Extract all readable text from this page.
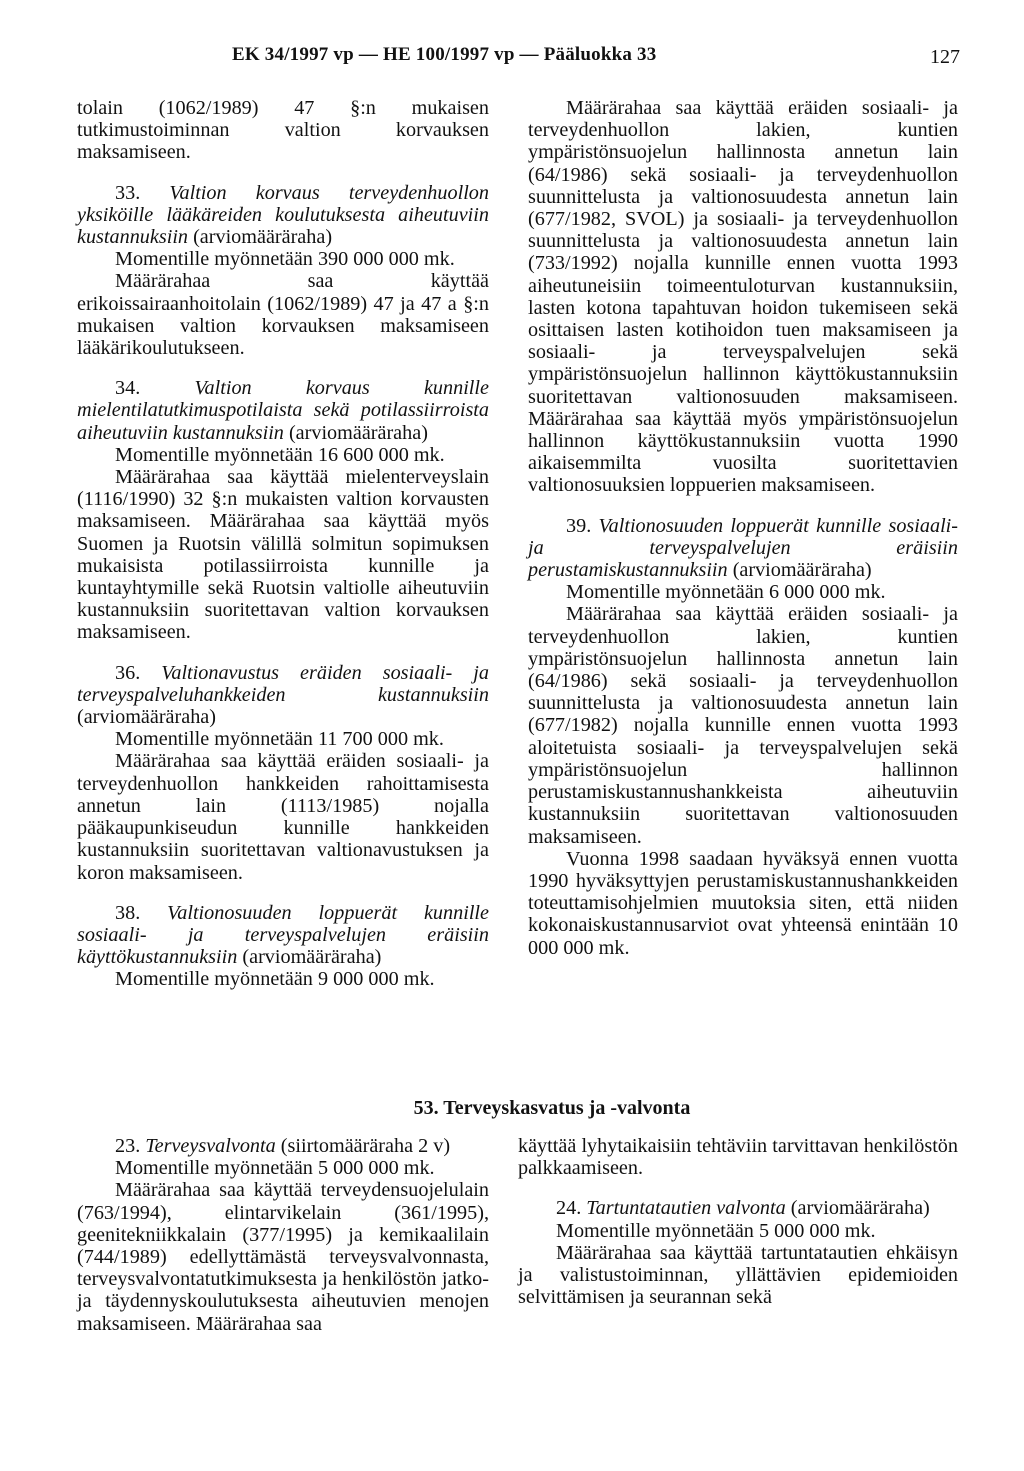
EK 34/1997 vp — HE 100/1997 vp — Pääluokka 33	127

tolain (1062/1989) 47 §:n mukaisen tutkimustoiminnan valtion korvauksen maksamiseen.

33. Valtion korvaus terveydenhuollon yksiköille lääkäreiden koulutuksesta aiheutuviin kustannuksiin (arviomääräraha)

Momentille myönnetään 390 000 000 mk.

Määrärahaa saa käyttää erikoissairaanhoitolain (1062/1989) 47 ja 47 a §:n mukaisen valtion korvauksen maksamiseen lääkärikoulutukseen.

34.	Valtion korvaus kunnille mielentilatutkimuspotilaista sekä potilassiirroista aiheutuviin kustannuksiin (arviomääräraha)

Momentille myönnetään 16 600 000 mk.

Määrärahaa saa käyttää mielenterveyslain (1116/1990) 32 §:n mukaisten valtion korvausten maksamiseen. Määrärahaa saa käyttää myös Suomen ja Ruotsin välillä solmitun sopimuksen mukaisista potilassiirroista kunnille ja kuntayhtymille sekä Ruotsin valtiolle aiheutuviin kustannuksiin suoritettavan valtion korvauksen maksamiseen.

36. Valtionavustus eräiden sosiaali- ja terveyspalveluhankkeiden kustannuksiin (arviomääräraha)

Momentille myönnetään 11 700 000 mk.

Määrärahaa saa käyttää eräiden sosiaali- ja terveydenhuollon hankkeiden rahoittamisesta annetun lain (1113/1985) nojalla pääkaupunkiseudun kunnille hankkeiden kustannuksiin suoritettavan valtionavustuksen ja koron maksamiseen.

38. Valtionosuuden loppuerät kunnille sosiaali- ja terveyspalvelujen eräisiin käyttökustannuksiin (arviomääräraha)

Momentille myönnetään 9 000 000 mk.

Määrärahaa saa käyttää eräiden sosiaali- ja terveydenhuollon lakien, kuntien ympäristönsuojelun hallinnosta annetun lain (64/1986) sekä sosiaali- ja terveydenhuollon suunnittelusta ja valtionosuudesta annetun lain (677/1982, SVOL) ja sosiaali- ja terveydenhuollon suunnittelusta ja valtionosuudesta annetun lain (733/1992) nojalla kunnille ennen vuotta 1993 aiheutuneisiin toimeentuloturvan kustannuksiin, lasten kotona tapahtuvan hoidon tukemiseen sekä osittaisen lasten kotihoidon tuen maksamiseen ja sosiaali- ja terveyspalvelujen sekä ympäristönsuojelun hallinnon käyttökustannuksiin suoritettavan valtionosuuden maksamiseen. Määrärahaa saa käyttää myös ympäristönsuojelun hallinnon käyttökustannuksiin vuotta 1990 aikaisemmilta vuosilta suoritettavien valtionosuuksien loppuerien maksamiseen.

39. Valtionosuuden loppuerät kunnille sosiaali- ja terveyspalvelujen eräisiin perustamiskustannuksiin (arviomääräraha)

Momentille myönnetään 6 000 000 mk.

Määrärahaa saa käyttää eräiden sosiaali- ja terveydenhuollon lakien, kuntien ympäristönsuojelun hallinnosta annetun lain (64/1986) sekä sosiaali- ja terveydenhuollon suunnittelusta ja valtionosuudesta annetun lain (677/1982) nojalla kunnille ennen vuotta 1993 aloitetuista sosiaali- ja terveyspalvelujen sekä ympäristönsuojelun hallinnon perustamiskustannushankkeista aiheutuviin kustannuksiin suoritettavan valtionosuuden maksamiseen.

Vuonna 1998 saadaan hyväksyä ennen vuotta 1990 hyväksyttyjen perustamiskustannushankkeiden toteuttamisohjelmien muutoksia siten, että niiden kokonaiskustannusarviot ovat yhteensä enintään 10 000 000 mk.

53. Terveyskasvatus ja -valvonta

23. Terveysvalvonta (siirtomääräraha 2 v)

Momentille myönnetään 5 000 000 mk.

Määrärahaa saa käyttää terveydensuojelulain (763/1994), elintarvikelain (361/1995), geenitekniikkalain (377/1995) ja kemikaalilain (744/1989) edellyttämästä terveysvalvonnasta, terveysvalvontatutkimuksesta ja henkilöstön jatko- ja täydennyskoulutuksesta aiheutuvien menojen maksamiseen. Määrärahaa saa

käyttää lyhytaikaisiin tehtäviin tarvittavan henkilöstön palkkaamiseen.

24. Tartuntatautien valvonta (arviomääräraha)

Momentille myönnetään 5 000 000 mk.

Määrärahaa saa käyttää tartuntatautien ehkäisyn ja valistustoiminnan, yllättävien epidemioiden selvittämisen ja seurannan sekä
